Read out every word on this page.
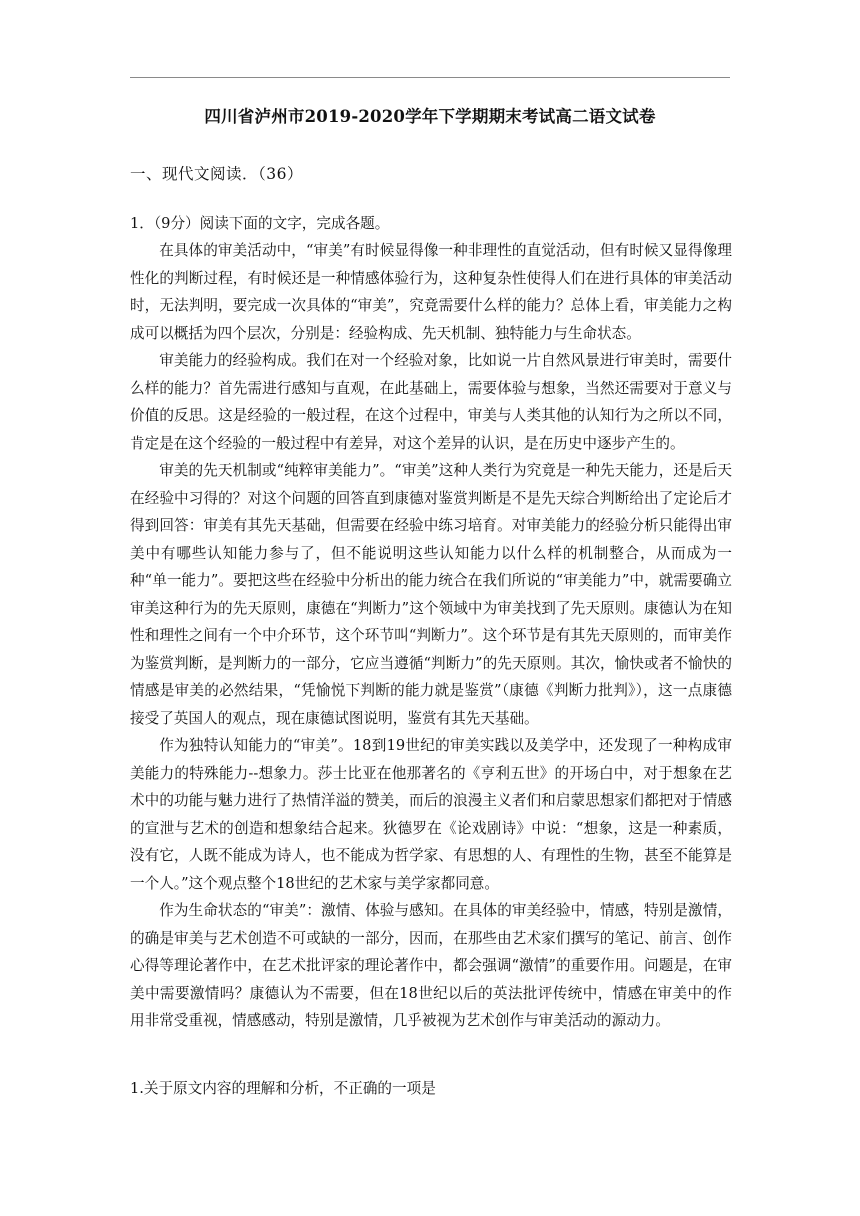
四川省泸州市2019-2020学年下学期期末考试高二语文试卷
一、现代文阅读．（36）
1．（9分）阅读下面的文字，完成各题。

在具体的审美活动中，“审美”有时候显得像一种非理性的直觉活动，但有时候又显得像理性化的判断过程，有时候还是一种情感体验行为，这种复杂性使得人们在进行具体的审美活动时，无法判明，要完成一次具体的“审美”，究竟需要什么样的能力？总体上看，审美能力之构成可以概括为四个层次，分别是：经验构成、先天机制、独特能力与生命状态。

审美能力的经验构成。我们在对一个经验对象，比如说一片自然风景进行审美时，需要什么样的能力？首先需进行感知与直观，在此基础上，需要体验与想象，当然还需要对于意义与价值的反思。这是经验的一般过程，在这个过程中，审美与人类其他的认知行为之所以不同，肯定是在这个经验的一般过程中有差异，对这个差异的认识，是在历史中逐步产生的。

审美的先天机制或“纯粹审美能力”。“审美”这种人类行为究竟是一种先天能力，还是后天在经验中习得的？对这个问题的回答直到康德对鉴赏判断是不是先天综合判断给出了定论后才得到回答：审美有其先天基础，但需要在经验中练习培育。对审美能力的经验分析只能得出审美中有哪些认知能力参与了，但不能说明这些认知能力以什么样的机制整合，从而成为一种“单一能力”。要把这些在经验中分析出的能力统合在我们所说的“审美能力”中，就需要确立审美这种行为的先天原则，康德在“判断力”这个领域中为审美找到了先天原则。康德认为在知性和理性之间有一个中介环节，这个环节叫“判断力”。这个环节是有其先天原则的，而审美作为鉴赏判断，是判断力的一部分，它应当遵循“判断力”的先天原则。其次，愉快或者不愉快的情感是审美的必然结果，“凭愉悦下判断的能力就是鉴赏”（康德《判断力批判》），这一点康德接受了英国人的观点，现在康德试图说明，鉴赏有其先天基础。

作为独特认知能力的“审美”。18到19世纪的审美实践以及美学中，还发现了一种构成审美能力的特殊能力--想象力。莎士比亚在他那著名的《亨利五世》的开场白中，对于想象在艺术中的功能与魅力进行了热情洋溢的赞美，而后的浪漫主义者们和启蒙思想家们都把对于情感的宣泄与艺术的创造和想象结合起来。狄德罗在《论戏剧诗》中说：“想象，这是一种素质，没有它，人既不能成为诗人，也不能成为哲学家、有思想的人、有理性的生物，甚至不能算是一个人。”这个观点整个18世纪的艺术家与美学家都同意。

作为生命状态的“审美”：激情、体验与感知。在具体的审美经验中，情感，特别是激情，的确是审美与艺术创造不可或缺的一部分，因而，在那些由艺术家们撰写的笔记、前言、创作心得等理论著作中，在艺术批评家的理论著作中，都会强调“激情”的重要作用。问题是，在审美中需要激情吗？康德认为不需要，但在18世纪以后的英法批评传统中，情感在审美中的作用非常受重视，情感感动，特别是激情，几乎被视为艺术创作与审美活动的源动力。

1.关于原文内容的理解和分析，不正确的一项是
